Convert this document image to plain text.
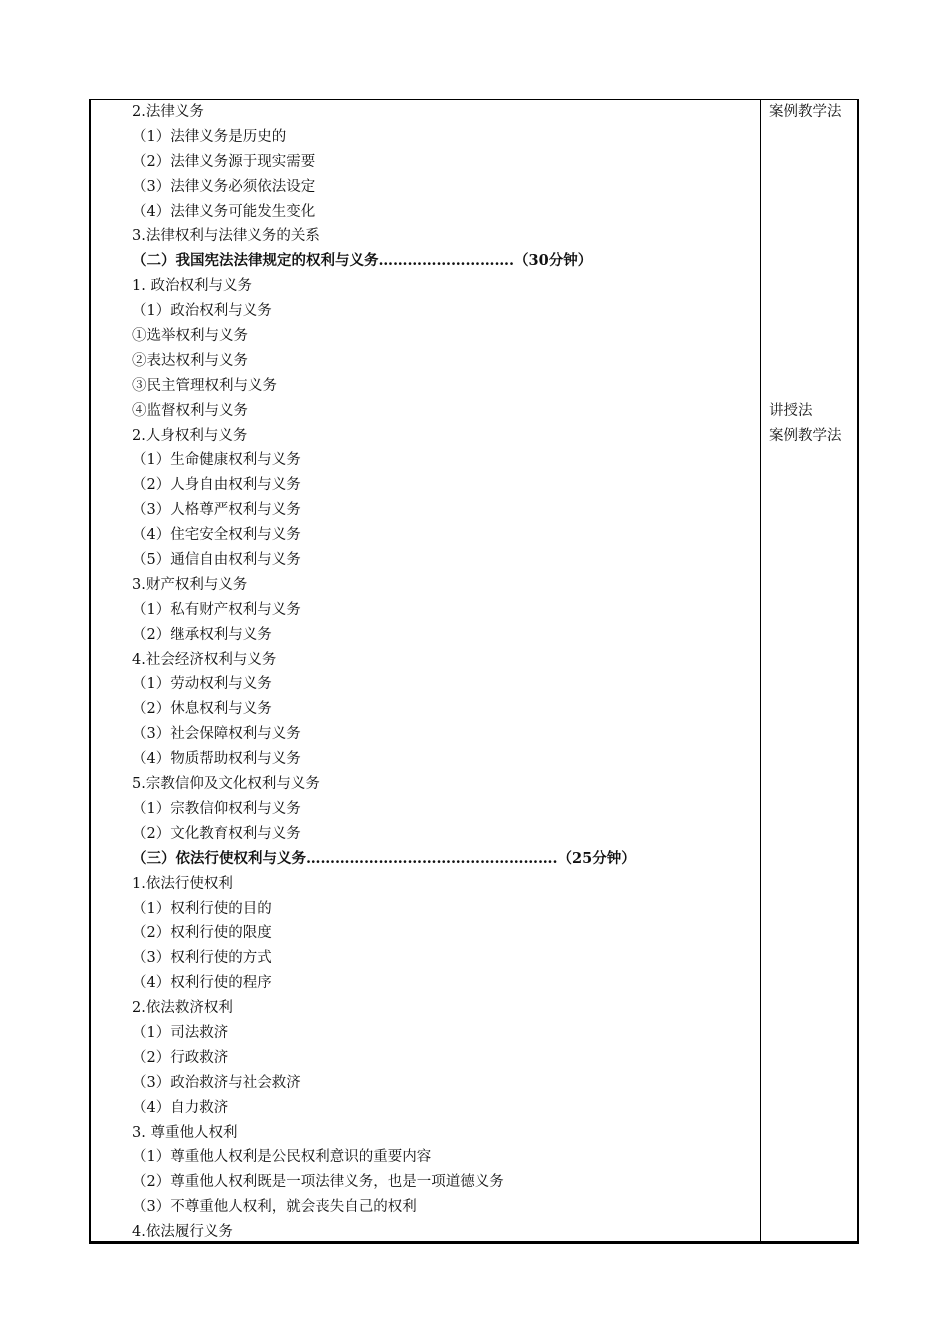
2.法律义务
（1）法律义务是历史的
（2）法律义务源于现实需要
（3）法律义务必须依法设定
（4）法律义务可能发生变化
3.法律权利与法律义务的关系
（二）我国宪法法律规定的权利与义务……………………….（30分钟）
1. 政治权利与义务
（1）政治权利与义务
①选举权利与义务
②表达权利与义务
③民主管理权利与义务
④监督权利与义务
2.人身权利与义务
（1）生命健康权利与义务
（2）人身自由权利与义务
（3）人格尊严权利与义务
（4）住宅安全权利与义务
（5）通信自由权利与义务
3.财产权利与义务
（1）私有财产权利与义务
（2）继承权利与义务
4.社会经济权利与义务
（1）劳动权利与义务
（2）休息权利与义务
（3）社会保障权利与义务
（4）物质帮助权利与义务
5.宗教信仰及文化权利与义务
（1）宗教信仰权利与义务
（2）文化教育权利与义务
（三）依法行使权利与义务…………………………………………….（25分钟）
1.依法行使权利
（1）权利行使的目的
（2）权利行使的限度
（3）权利行使的方式
（4）权利行使的程序
2.依法救济权利
（1）司法救济
（2）行政救济
（3）政治救济与社会救济
（4）自力救济
3. 尊重他人权利
（1）尊重他人权利是公民权利意识的重要内容
（2）尊重他人权利既是一项法律义务，也是一项道德义务
（3）不尊重他人权利，就会丧失自己的权利
4.依法履行义务
案例教学法
讲授法
案例教学法
